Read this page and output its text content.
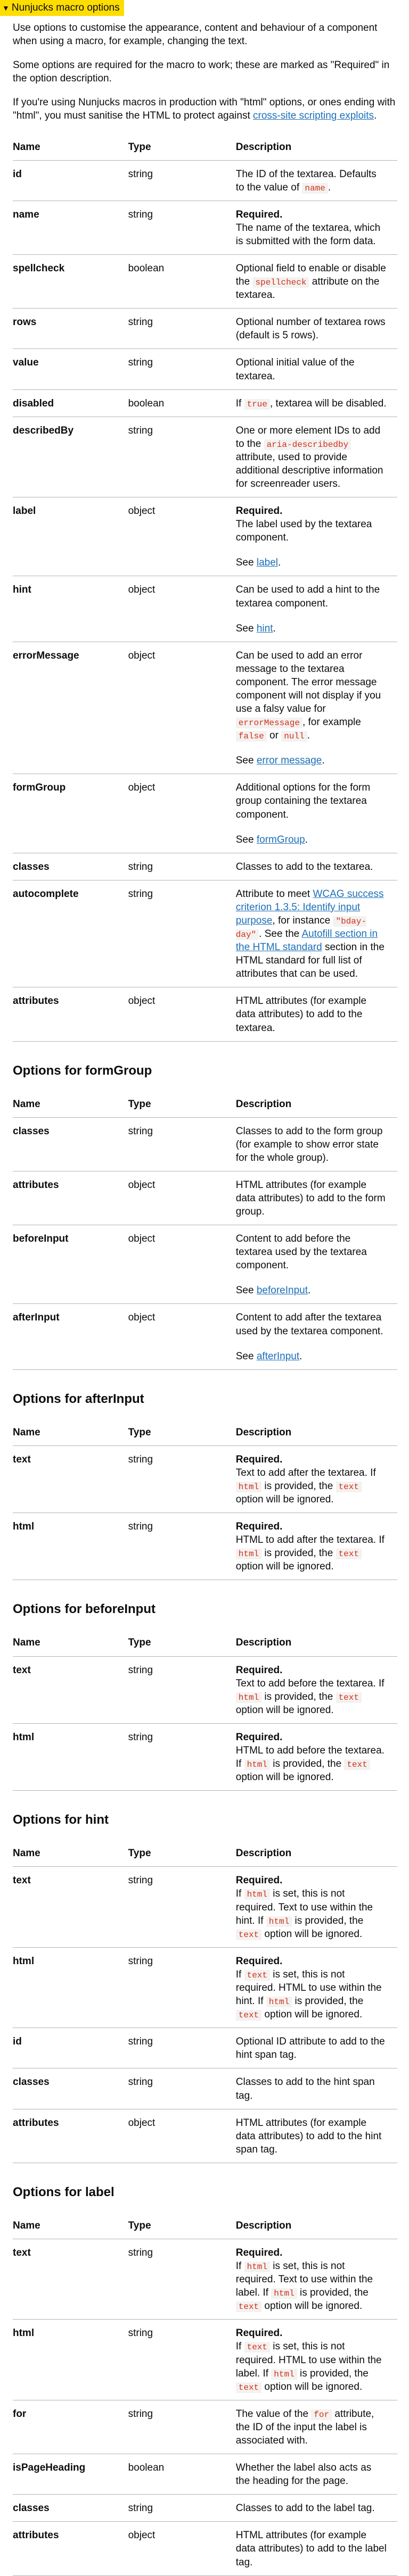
▼ Nunjucks macro options

Use options to customise the appearance, content and behaviour of a component when using a macro, for example, changing the text.

Some options are required for the macro to work; these are marked as "Required" in the option description.

If you're using Nunjucks macros in production with "html" options, or ones ending with "html", you must sanitise the HTML to protect against cross-site scripting exploits.

Name	Type	Description
id	string	The ID of the textarea. Defaults to the value of name .

name	string	Required.
The name of the textarea, which is submitted with the form data.

spellcheck	boolean	Optional field to enable or disable the spellcheck attribute on the textarea.

rows	string	Optional number of textarea rows (default is 5 rows).

value	string	Optional initial value of the textarea.

disabled	boolean	If true , textarea will be disabled.

describedBy	string	One or more element IDs to add to the aria-describedby attribute, used to provide additional descriptive information for screenreader users.

label	object	Required.
The label used by the textarea component.
See label.

hint	object	Can be used to add a hint to the textarea component.
See hint.

errorMessage	object	Can be used to add an error message to the textarea component. The error message component will not display if you use a falsy value for errorMessage , for example false or null .
See error message.

formGroup	object	Additional options for the form group containing the textarea component.
See formGroup.

classes	string	Classes to add to the textarea.

autocomplete	string	Attribute to meet WCAG success criterion 1.3.5: Identify input purpose, for instance "bday-day" . See the Autofill section in the HTML standard section in the HTML standard for full list of attributes that can be used.

attributes	object	HTML attributes (for example data attributes) to add to the textarea.
Options for formGroup
Name	Type	Description
classes	string	Classes to add to the form group (for example to show error state for the whole group).

attributes	object	HTML attributes (for example data attributes) to add to the form group.

beforeInput	object	Content to add before the textarea used by the textarea component.
See beforeInput.

afterInput	object	Content to add after the textarea used by the textarea component.
See afterInput.
Options for afterInput
Name	Type	Description
text	string	Required.
Text to add after the textarea. If html is provided, the text option will be ignored.

html	string	Required.
HTML to add after the textarea. If html is provided, the text option will be ignored.
Options for beforeInput
Name	Type	Description
text	string	Required.
Text to add before the textarea. If html is provided, the text option will be ignored.

html	string	Required.
HTML to add before the textarea. If html is provided, the text option will be ignored.
Options for hint
Name	Type	Description
text	string	Required.
If html is set, this is not required. Text to use within the hint. If html is provided, the text option will be ignored.

html	string	Required.
If text is set, this is not required. HTML to use within the hint. If html is provided, the text option will be ignored.

id	string	Optional ID attribute to add to the hint span tag.

classes	string	Classes to add to the hint span tag.

attributes	object	HTML attributes (for example data attributes) to add to the hint span tag.
Options for label
Name	Type	Description
text	string	Required.
If html is set, this is not required. Text to use within the label. If html is provided, the text option will be ignored.

html	string	Required.
If text is set, this is not required. HTML to use within the label. If html is provided, the text option will be ignored.

for	string	The value of the for attribute, the ID of the input the label is associated with.

isPageHeading	boolean	Whether the label also acts as the heading for the page.

classes	string	Classes to add to the label tag.

attributes	object	HTML attributes (for example data attributes) to add to the label tag.
